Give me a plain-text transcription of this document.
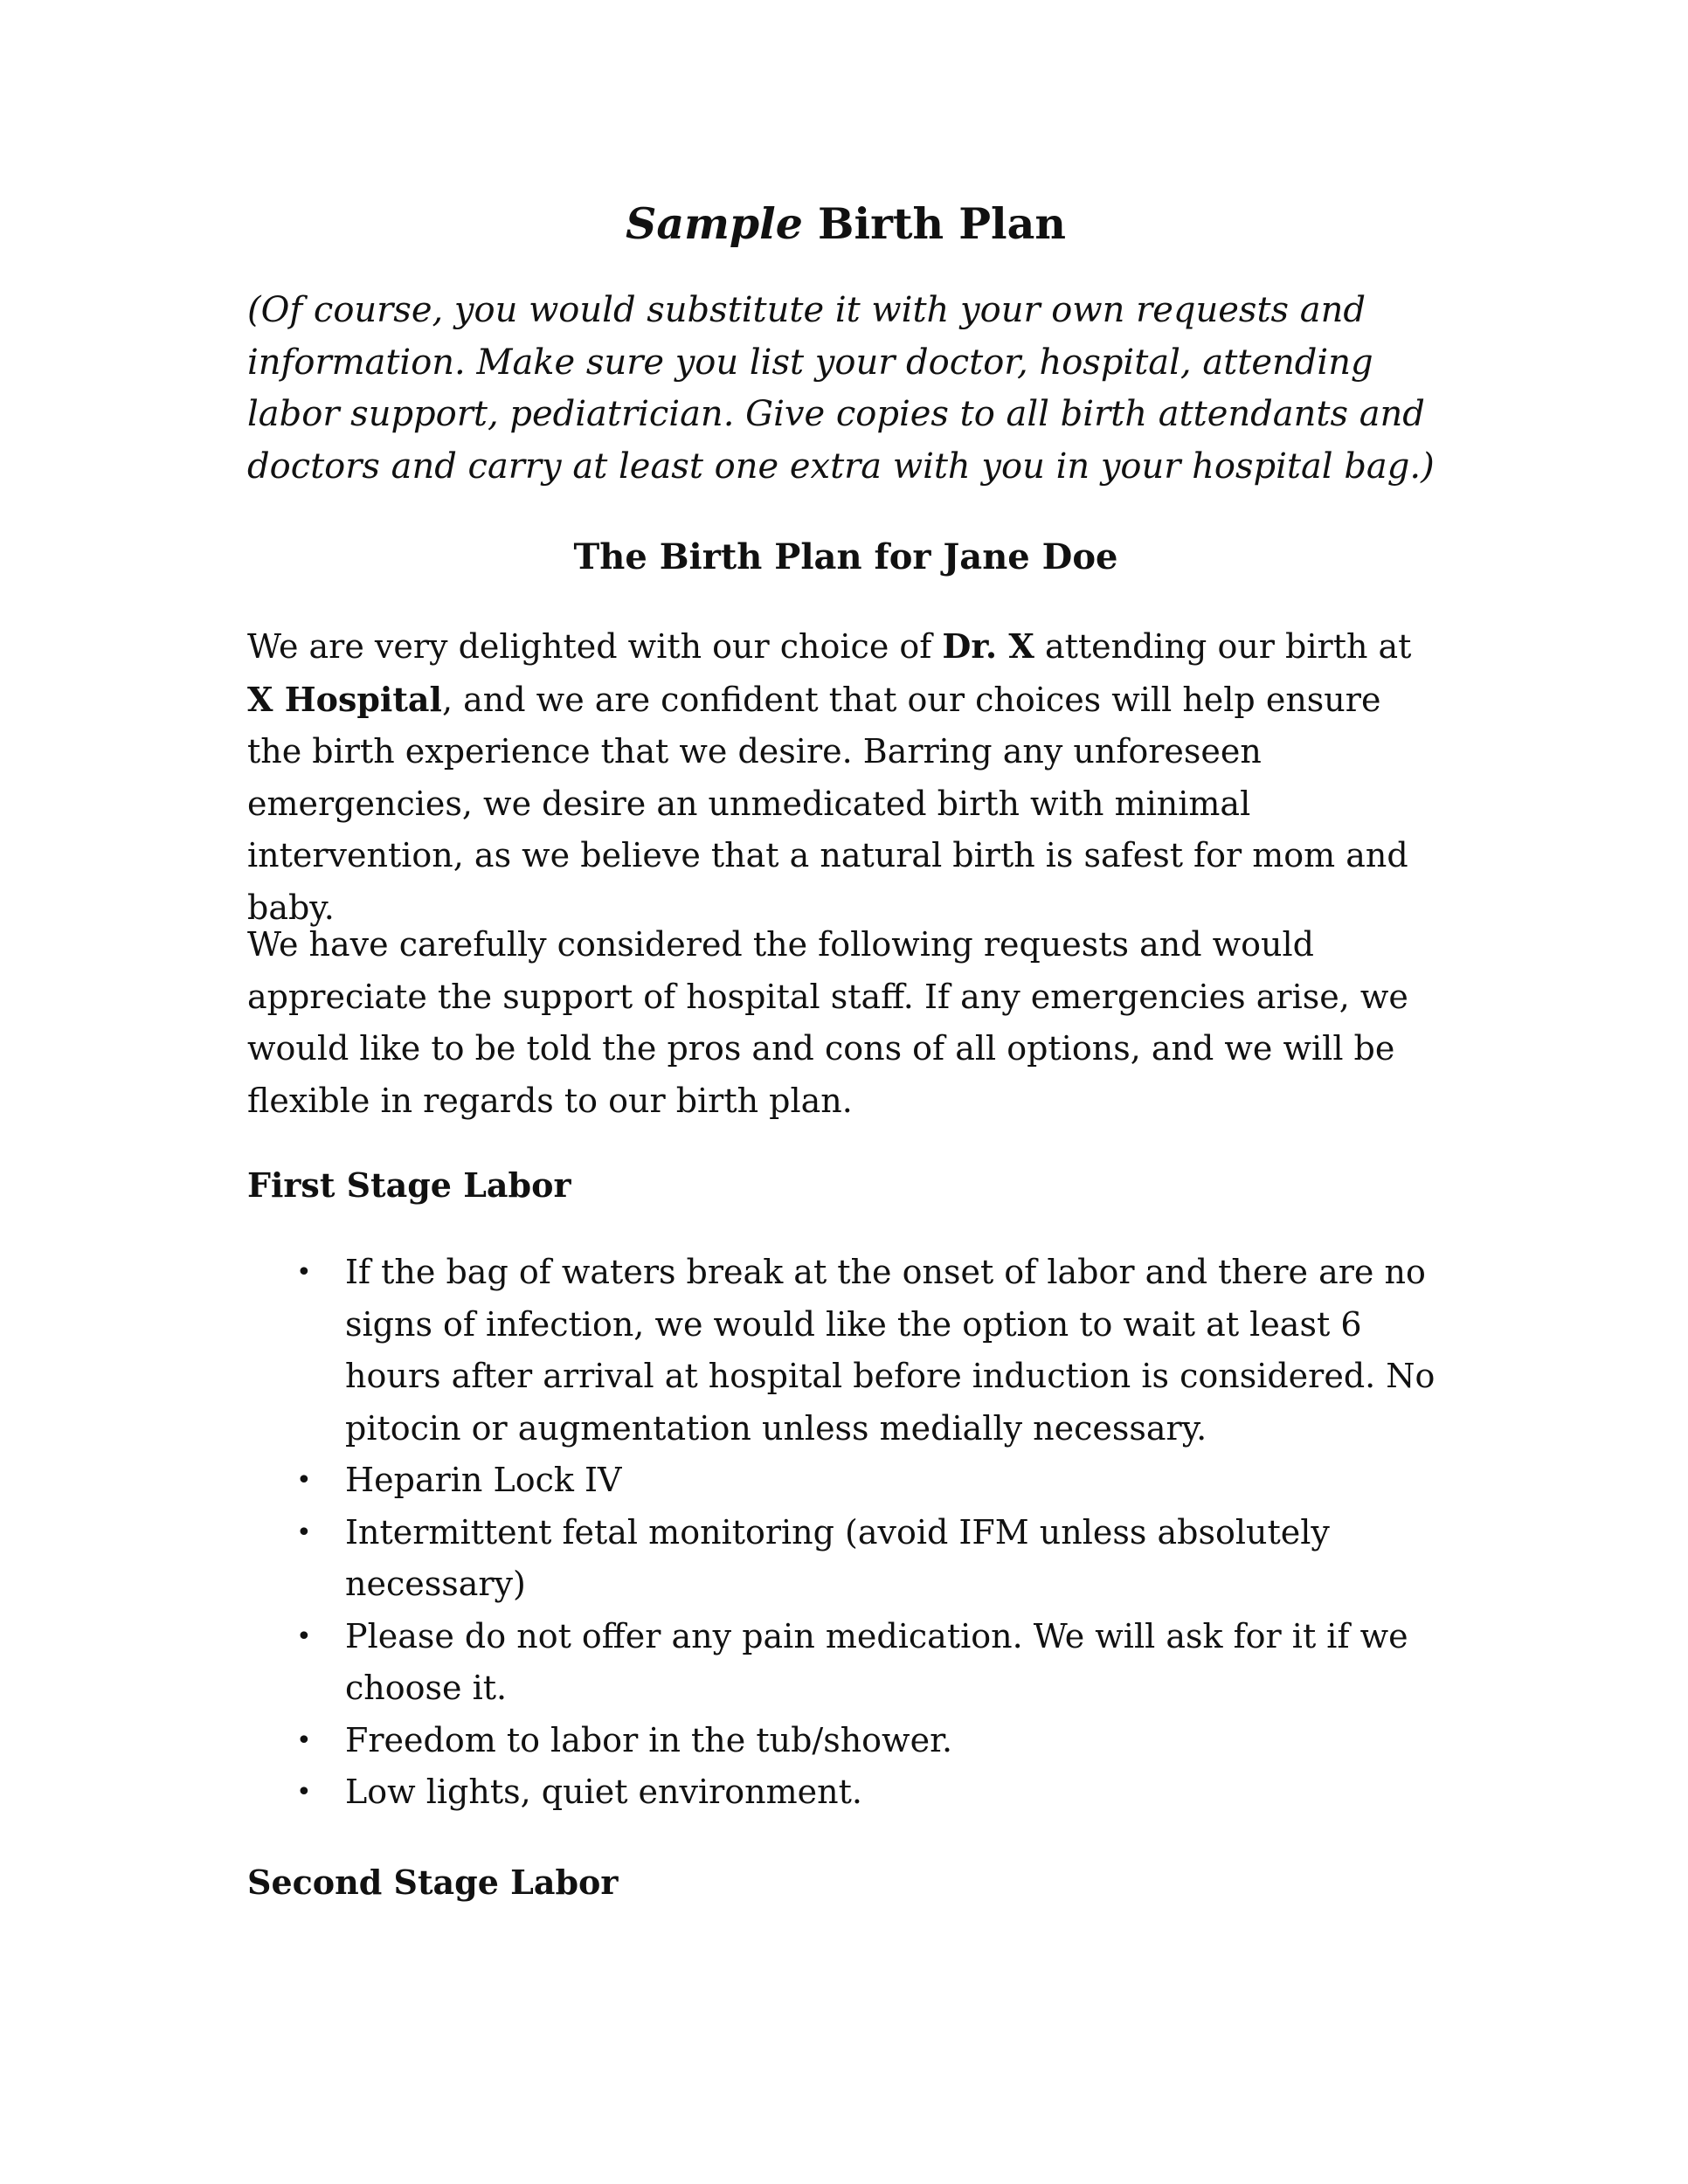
Sample Birth Plan

(Of course, you would substitute it with your own requests and information. Make sure you list your doctor, hospital, attending labor support, pediatrician. Give copies to all birth attendants and doctors and carry at least one extra with you in your hospital bag.)

The Birth Plan for Jane Doe

We are very delighted with our choice of Dr. X attending our birth at X Hospital, and we are confident that our choices will help ensure the birth experience that we desire. Barring any unforeseen emergencies, we desire an unmedicated birth with minimal intervention, as we believe that a natural birth is safest for mom and baby.

We have carefully considered the following requests and would appreciate the support of hospital staff. If any emergencies arise, we would like to be told the pros and cons of all options, and we will be flexible in regards to our birth plan.

First Stage Labor
• If the bag of waters break at the onset of labor and there are no signs of infection, we would like the option to wait at least 6 hours after arrival at hospital before induction is considered. No pitocin or augmentation unless medially necessary.
• Heparin Lock IV
• Intermittent fetal monitoring (avoid IFM unless absolutely necessary)
• Please do not offer any pain medication. We will ask for it if we choose it.
• Freedom to labor in the tub/shower.
• Low lights, quiet environment.
Second Stage Labor
